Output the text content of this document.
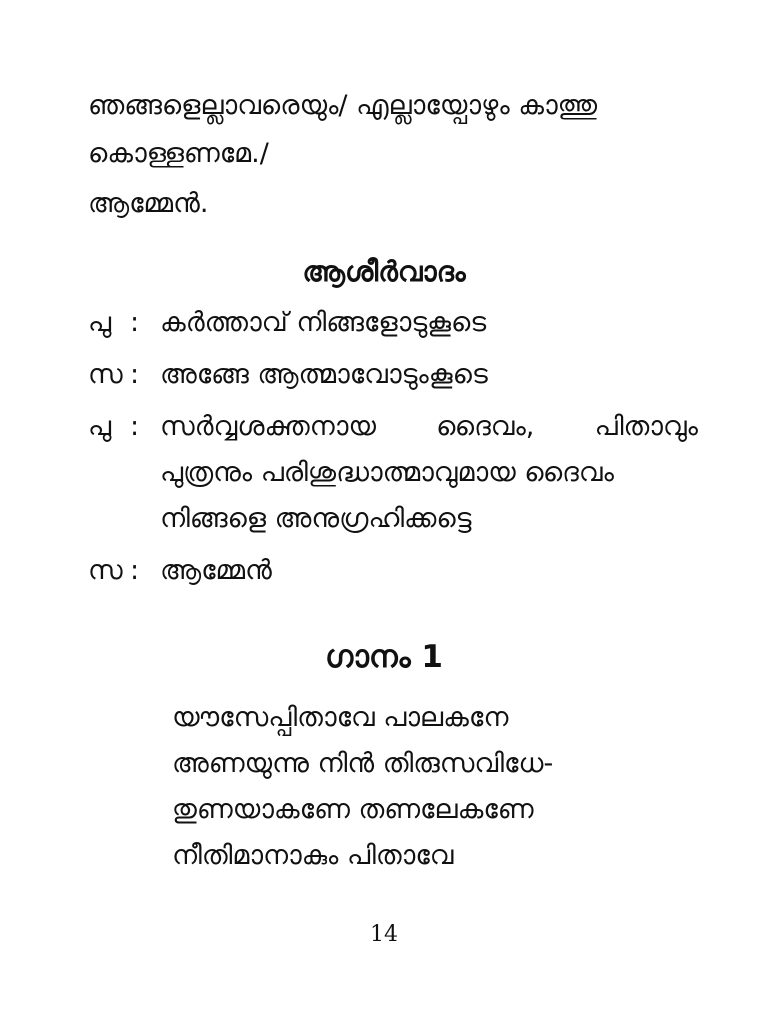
ഞങ്ങളെല്ലാവരെയും/ എല്ലായ്പോഴും കാത്തു
കൊള്ളണമേ./

ആമ്മേൻ.

ആശീർവാദം
പു : കർത്താവ് നിങ്ങളോടുകൂടെ
സ : അങ്ങേ ആത്മാവോടുംകൂടെ
പു : സർവ്വശക്തനായ ദൈവം, പിതാവും
പുത്രനും പരിശുദ്ധാത്മാവുമായ ദൈവം
നിങ്ങളെ അനുഗ്രഹിക്കട്ടെ
സ : ആമ്മേൻ
ഗാനം 1
യൗസേപ്പിതാവേ പാലകനേ
അണയുന്നു നിൻ തിരുസവിധേ-
തുണയാകണേ തണലേകണേ
നീതിമാനാകും പിതാവേ
14
